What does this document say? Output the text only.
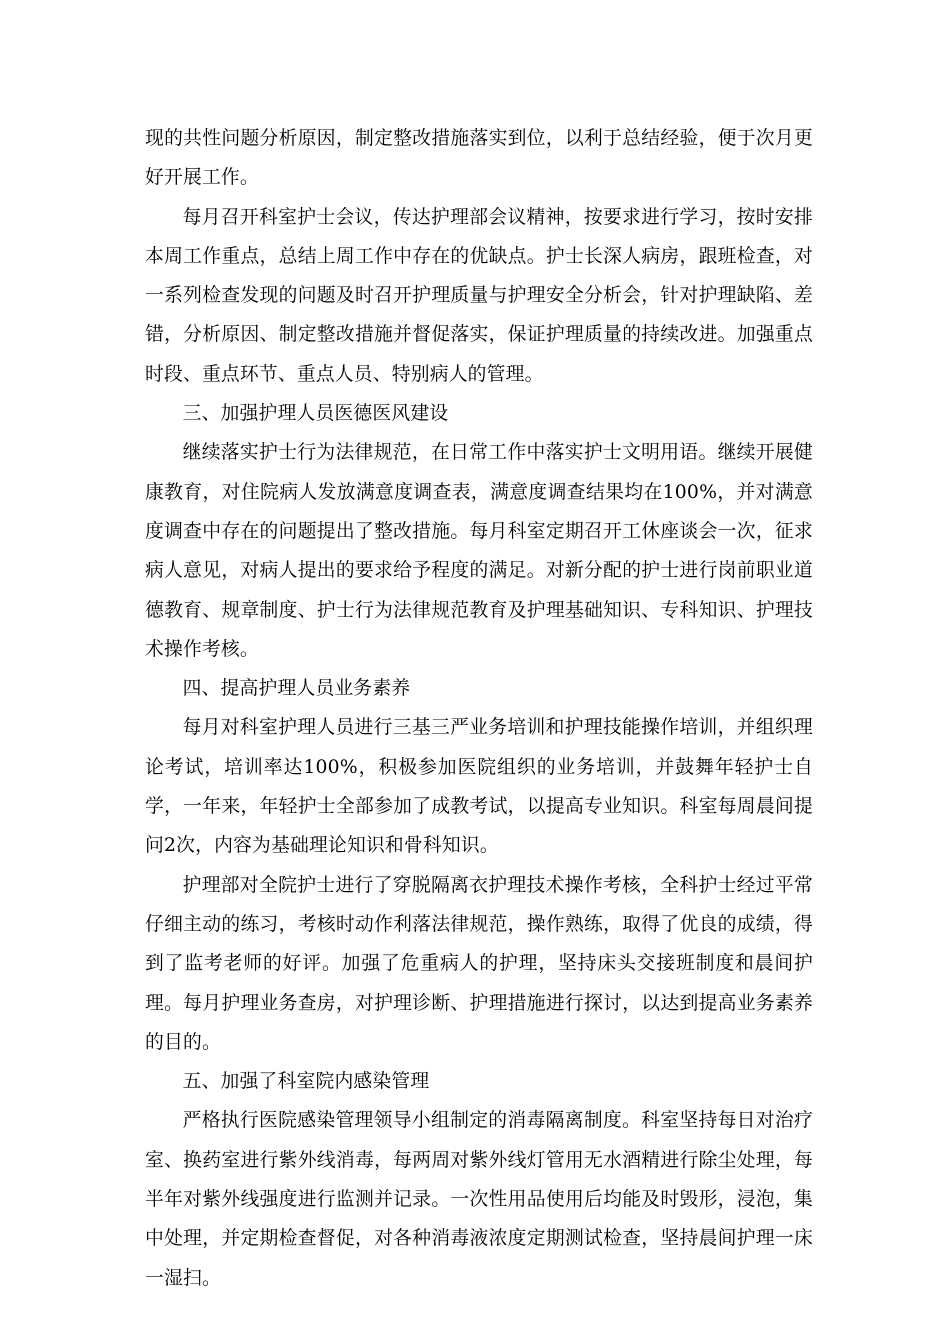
现的共性问题分析原因，制定整改措施落实到位，以利于总结经验，便于次月更好开展工作。

每月召开科室护士会议，传达护理部会议精神，按要求进行学习，按时安排本周工作重点，总结上周工作中存在的优缺点。护士长深人病房，跟班检查，对一系列检查发现的问题及时召开护理质量与护理安全分析会，针对护理缺陷、差错，分析原因、制定整改措施并督促落实，保证护理质量的持续改进。加强重点时段、重点环节、重点人员、特别病人的管理。

三、加强护理人员医德医风建设

继续落实护士行为法律规范，在日常工作中落实护士文明用语。继续开展健康教育，对住院病人发放满意度调查表，满意度调查结果均在100%，并对满意度调查中存在的问题提出了整改措施。每月科室定期召开工休座谈会一次，征求病人意见，对病人提出的要求给予程度的满足。对新分配的护士进行岗前职业道德教育、规章制度、护士行为法律规范教育及护理基础知识、专科知识、护理技术操作考核。

四、提高护理人员业务素养

每月对科室护理人员进行三基三严业务培训和护理技能操作培训，并组织理论考试，培训率达100%，积极参加医院组织的业务培训，并鼓舞年轻护士自学，一年来，年轻护士全部参加了成教考试，以提高专业知识。科室每周晨间提问2次，内容为基础理论知识和骨科知识。

护理部对全院护士进行了穿脱隔离衣护理技术操作考核，全科护士经过平常仔细主动的练习，考核时动作利落法律规范，操作熟练，取得了优良的成绩，得到了监考老师的好评。加强了危重病人的护理，坚持床头交接班制度和晨间护理。每月护理业务查房，对护理诊断、护理措施进行探讨，以达到提高业务素养的目的。

五、加强了科室院内感染管理

严格执行医院感染管理领导小组制定的消毒隔离制度。科室坚持每日对治疗室、换药室进行紫外线消毒，每两周对紫外线灯管用无水酒精进行除尘处理，每半年对紫外线强度进行监测并记录。一次性用品使用后均能及时毁形，浸泡，集中处理，并定期检查督促，对各种消毒液浓度定期测试检查，坚持晨间护理一床一湿扫。
